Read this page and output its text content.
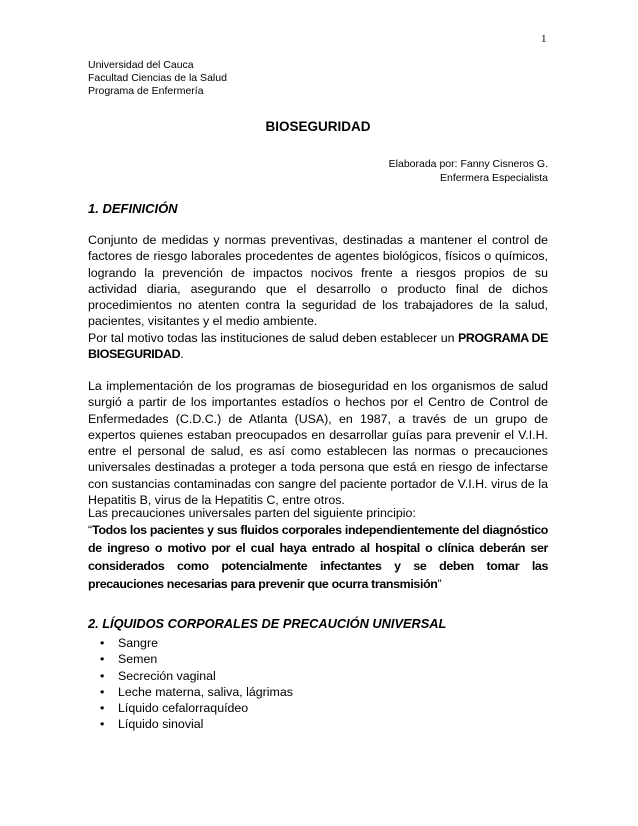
1
Universidad del Cauca
Facultad Ciencias de la Salud
Programa de Enfermería
BIOSEGURIDAD
Elaborada por: Fanny Cisneros G.
Enfermera Especialista
1. DEFINICIÓN
Conjunto de medidas y normas preventivas, destinadas a mantener el control de factores de riesgo laborales procedentes de agentes biológicos, físicos o químicos, logrando la prevención de impactos nocivos frente a riesgos propios de su actividad diaria, asegurando que el desarrollo o producto final de dichos procedimientos no atenten contra la seguridad de los trabajadores de la salud, pacientes, visitantes y el medio ambiente.
Por tal motivo todas las instituciones de salud deben establecer un PROGRAMA DE BIOSEGURIDAD.
La implementación de los programas de bioseguridad en los organismos de salud surgió a partir de los importantes estadíos o hechos por el Centro de Control de Enfermedades (C.D.C.) de Atlanta (USA), en 1987, a través de un grupo de expertos quienes estaban preocupados en desarrollar guías para prevenir el V.I.H. entre el personal de salud, es así como establecen las normas o precauciones universales destinadas a proteger a toda persona que está en riesgo de infectarse con sustancias contaminadas con sangre del paciente portador de V.I.H. virus de la Hepatitis B, virus de la Hepatitis C, entre otros.
Las precauciones universales parten del siguiente principio:
“Todos los pacientes y sus fluidos corporales independientemente del diagnóstico de ingreso o motivo por el cual haya entrado al hospital o clínica deberán ser considerados como potencialmente infectantes y se deben tomar las precauciones necesarias para prevenir que ocurra transmisión”
2. LÍQUIDOS CORPORALES DE PRECAUCIÓN UNIVERSAL
• Sangre
• Semen
• Secreción vaginal
• Leche materna, saliva, lágrimas
• Líquido cefalorraquídeo
• Líquido sinovial
